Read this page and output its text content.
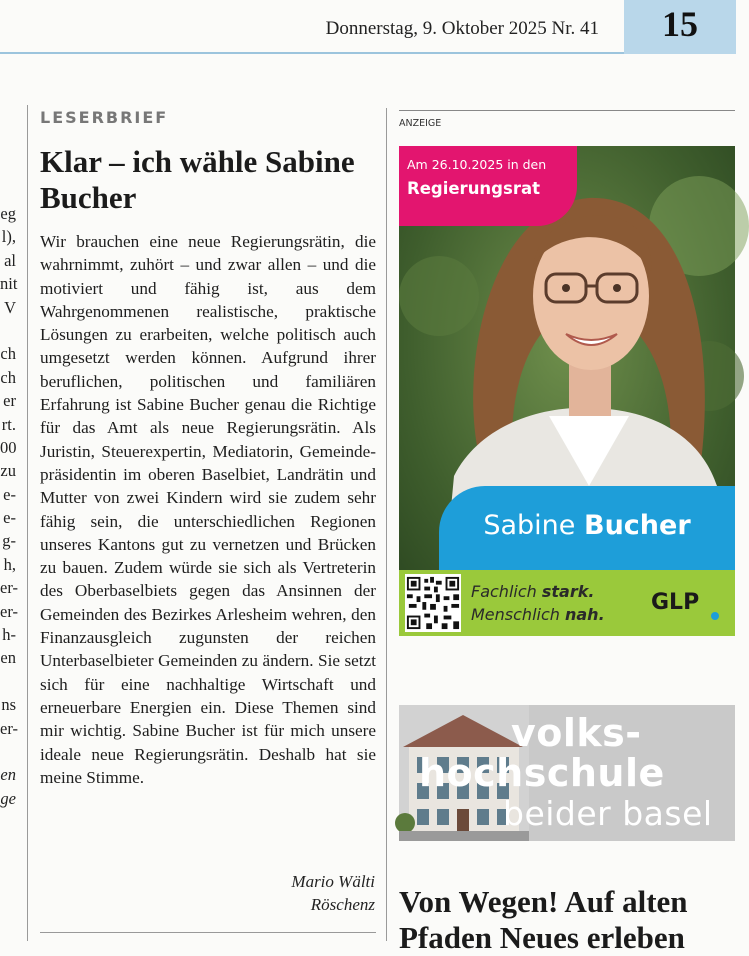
Donnerstag, 9. Oktober 2025 Nr. 41	15
eg
l),
al
nit
V
ch
ch
er
rt.
00
zu
e-
e-
g-
h,
er-
er-
h-
en
ns
er-
en
ge
LESERBRIEF
Klar – ich wähle Sabine Bucher

Wir brauchen eine neue Regierungsrätin, die wahrnimmt, zuhört – und zwar allen – und die motiviert und fähig ist, aus dem Wahrgenommenen realistische, praktische Lösungen zu erarbeiten, welche politisch auch umgesetzt werden können. Aufgrund ihrer beruflichen, politischen und familiären Erfahrung ist Sabine Bucher genau die Richtige für das Amt als neue Regierungsrätin. Als Juristin, Steuerexpertin, Mediatorin, Gemeindepräsidentin im oberen Baselbiet, Landrätin und Mutter von zwei Kindern wird sie zudem sehr fähig sein, die unterschiedlichen Regionen unseres Kantons gut zu vernetzen und Brücken zu bauen. Zudem würde sie sich als Vertreterin des Oberbaselbiets gegen das Ansinnen der Gemeinden des Bezirkes Arlesheim wehren, den Finanzausgleich zugunsten der reichen Unterbaselbieter Gemeinden zu ändern. Sie setzt sich für eine nachhaltige Wirtschaft und erneuerbare Energien ein. Diese Themen sind mir wichtig. Sabine Bucher ist für mich unsere ideale neue Regierungsrätin. Deshalb hat sie meine Stimme.

Mario Wälti
Röschenz
ANZEIGE
Am 26.10.2025 in den
Regierungsrat
Sabine Bucher
Fachlich stark.
Menschlich nah. GLP
volks-
hochschule
beider basel
Von Wegen! Auf alten Pfaden Neues erleben
